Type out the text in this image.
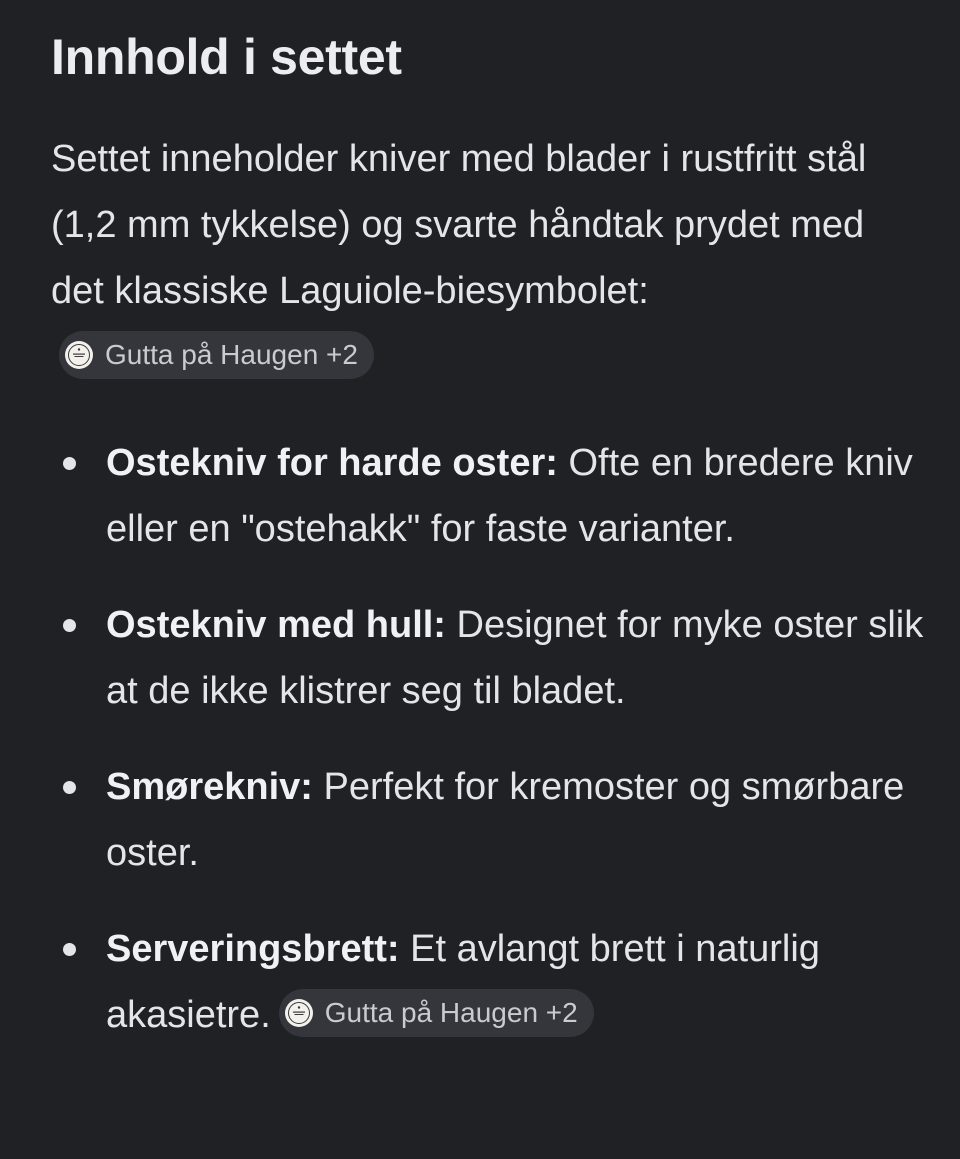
Innhold i settet

Settet inneholder kniver med blader i rustfritt stål (1,2 mm tykkelse) og svarte håndtak prydet med det klassiske Laguiole-biesymbolet:
Gutta på Haugen +2

Ostekniv for harde oster: Ofte en bredere kniv eller en "ostehakk" for faste varianter.
Ostekniv med hull: Designet for myke oster slik at de ikke klistrer seg til bladet.
Smørekniv: Perfekt for kremoster og smørbare oster.
Serveringsbrett: Et avlangt brett i naturlig akasietre. Gutta på Haugen +2
